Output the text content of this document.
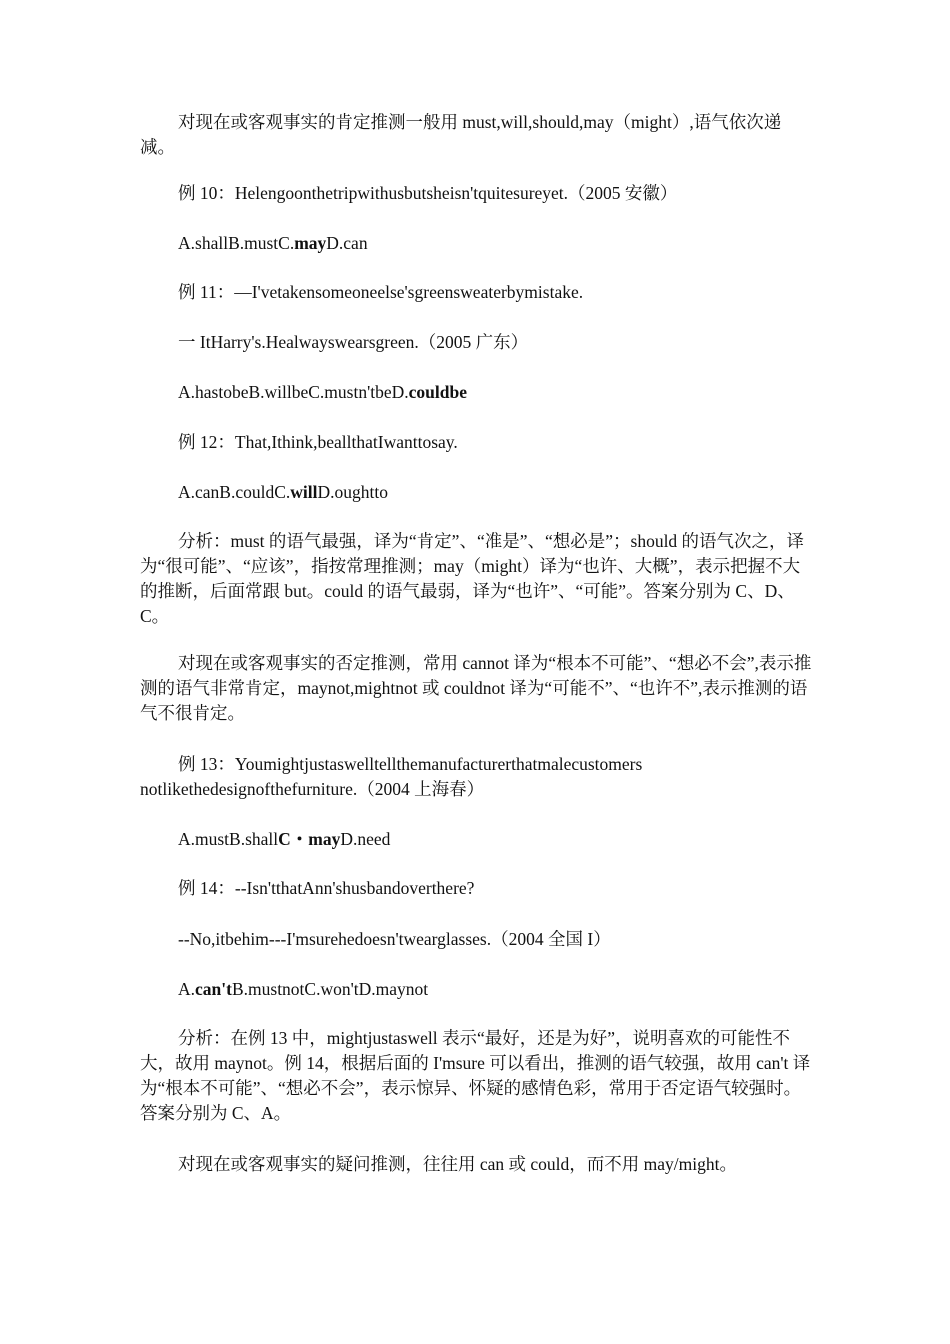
对现在或客观事实的肯定推测一般用 must,will,should,may（might）,语气依次递减。

例 10：Helengoonthetripwithusbutsheisn'tquitesureyet.（2005 安徽）

A.shallB.mustC.mayD.can

例 11：—I'vetakensomeoneelse'sgreensweaterbymistake.

一 ItHarry's.Healwayswearsgreen.（2005 广东）

A.hastobeB.willbeC.mustn'tbeD.couldbe

例 12：That,Ithink,beallthatIwanttosay.

A.canB.couldC.willD.oughtto

分析：must 的语气最强，译为“肯定”、“准是”、“想必是”；should 的语气次之，译为“很可能”、“应该”，指按常理推测；may（might）译为“也许、大概”，表示把握不大的推断，后面常跟 but。could 的语气最弱，译为“也许”、“可能”。答案分别为 C、D、C。

对现在或客观事实的否定推测，常用 cannot 译为“根本不可能”、“想必不会”,表示推测的语气非常肯定，maynot,mightnot 或 couldnot 译为“可能不”、“也许不”,表示推测的语气不很肯定。

例 13：Youmightjustaswelltellthemanufacturerthatmalecustomers

notlikethedesignofthefurniture.（2004 上海春）

A.mustB.shallC・mayD.need

例 14：--Isn'tthatAnn'shusbandoverthere?

--No,itbehim---I'msurehedoesn'twearglasses.（2004 全国 I）

A.can'tB.mustnotC.won'tD.maynot

分析：在例 13 中，mightjustaswell 表示“最好，还是为好”，说明喜欢的可能性不大，故用 maynot。例 14，根据后面的 I'msure 可以看出，推测的语气较强，故用 can't 译为“根本不可能”、“想必不会”，表示惊异、怀疑的感情色彩，常用于否定语气较强时。答案分别为 C、A。

对现在或客观事实的疑问推测，往往用 can 或 could，而不用 may/might。
